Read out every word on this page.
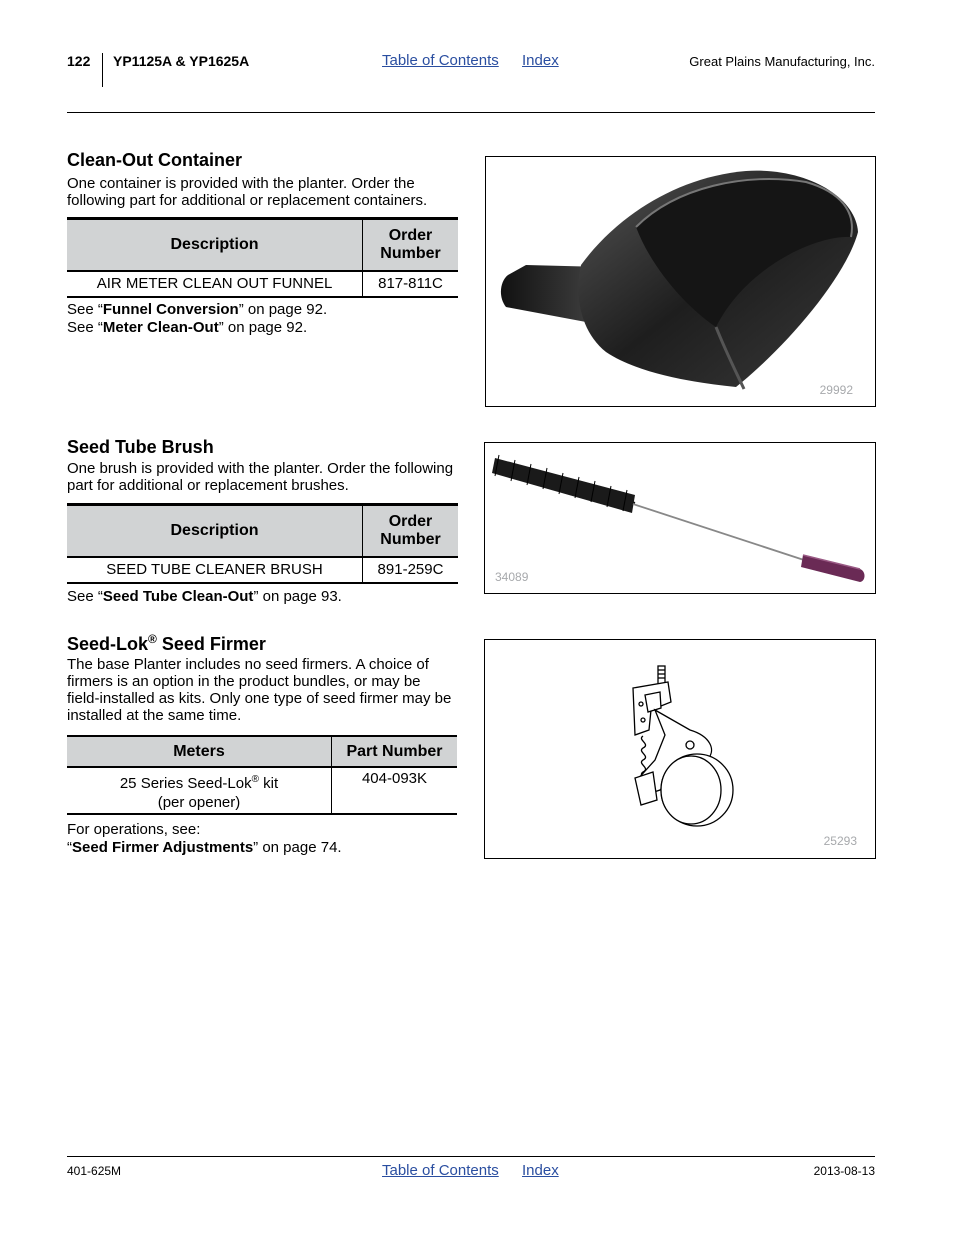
122 YP1125A & YP1625A	Table of Contents Index	Great Plains Manufacturing, Inc.
Clean-Out Container
One container is provided with the planter. Order the following part for additional or replacement containers.
Description	Order
Number
AIR METER CLEAN OUT FUNNEL	817-811C
See “Funnel Conversion” on page 92.
See “Meter Clean-Out” on page 92.
29992
Seed Tube Brush
One brush is provided with the planter. Order the following part for additional or replacement brushes.
Description	Order
Number
SEED TUBE CLEANER BRUSH	891-259C
See “Seed Tube Clean-Out” on page 93.
34089
Seed-Lok® Seed Firmer
The base Planter includes no seed firmers. A choice of firmers is an option in the product bundles, or may be field-installed as kits. Only one type of seed firmer may be installed at the same time.
Meters	Part Number
25 Series Seed-Lok® kit
(per opener)	404-093K
For operations, see:
“Seed Firmer Adjustments” on page 74.	25293
401-625M	Table of Contents Index	2013-08-13
